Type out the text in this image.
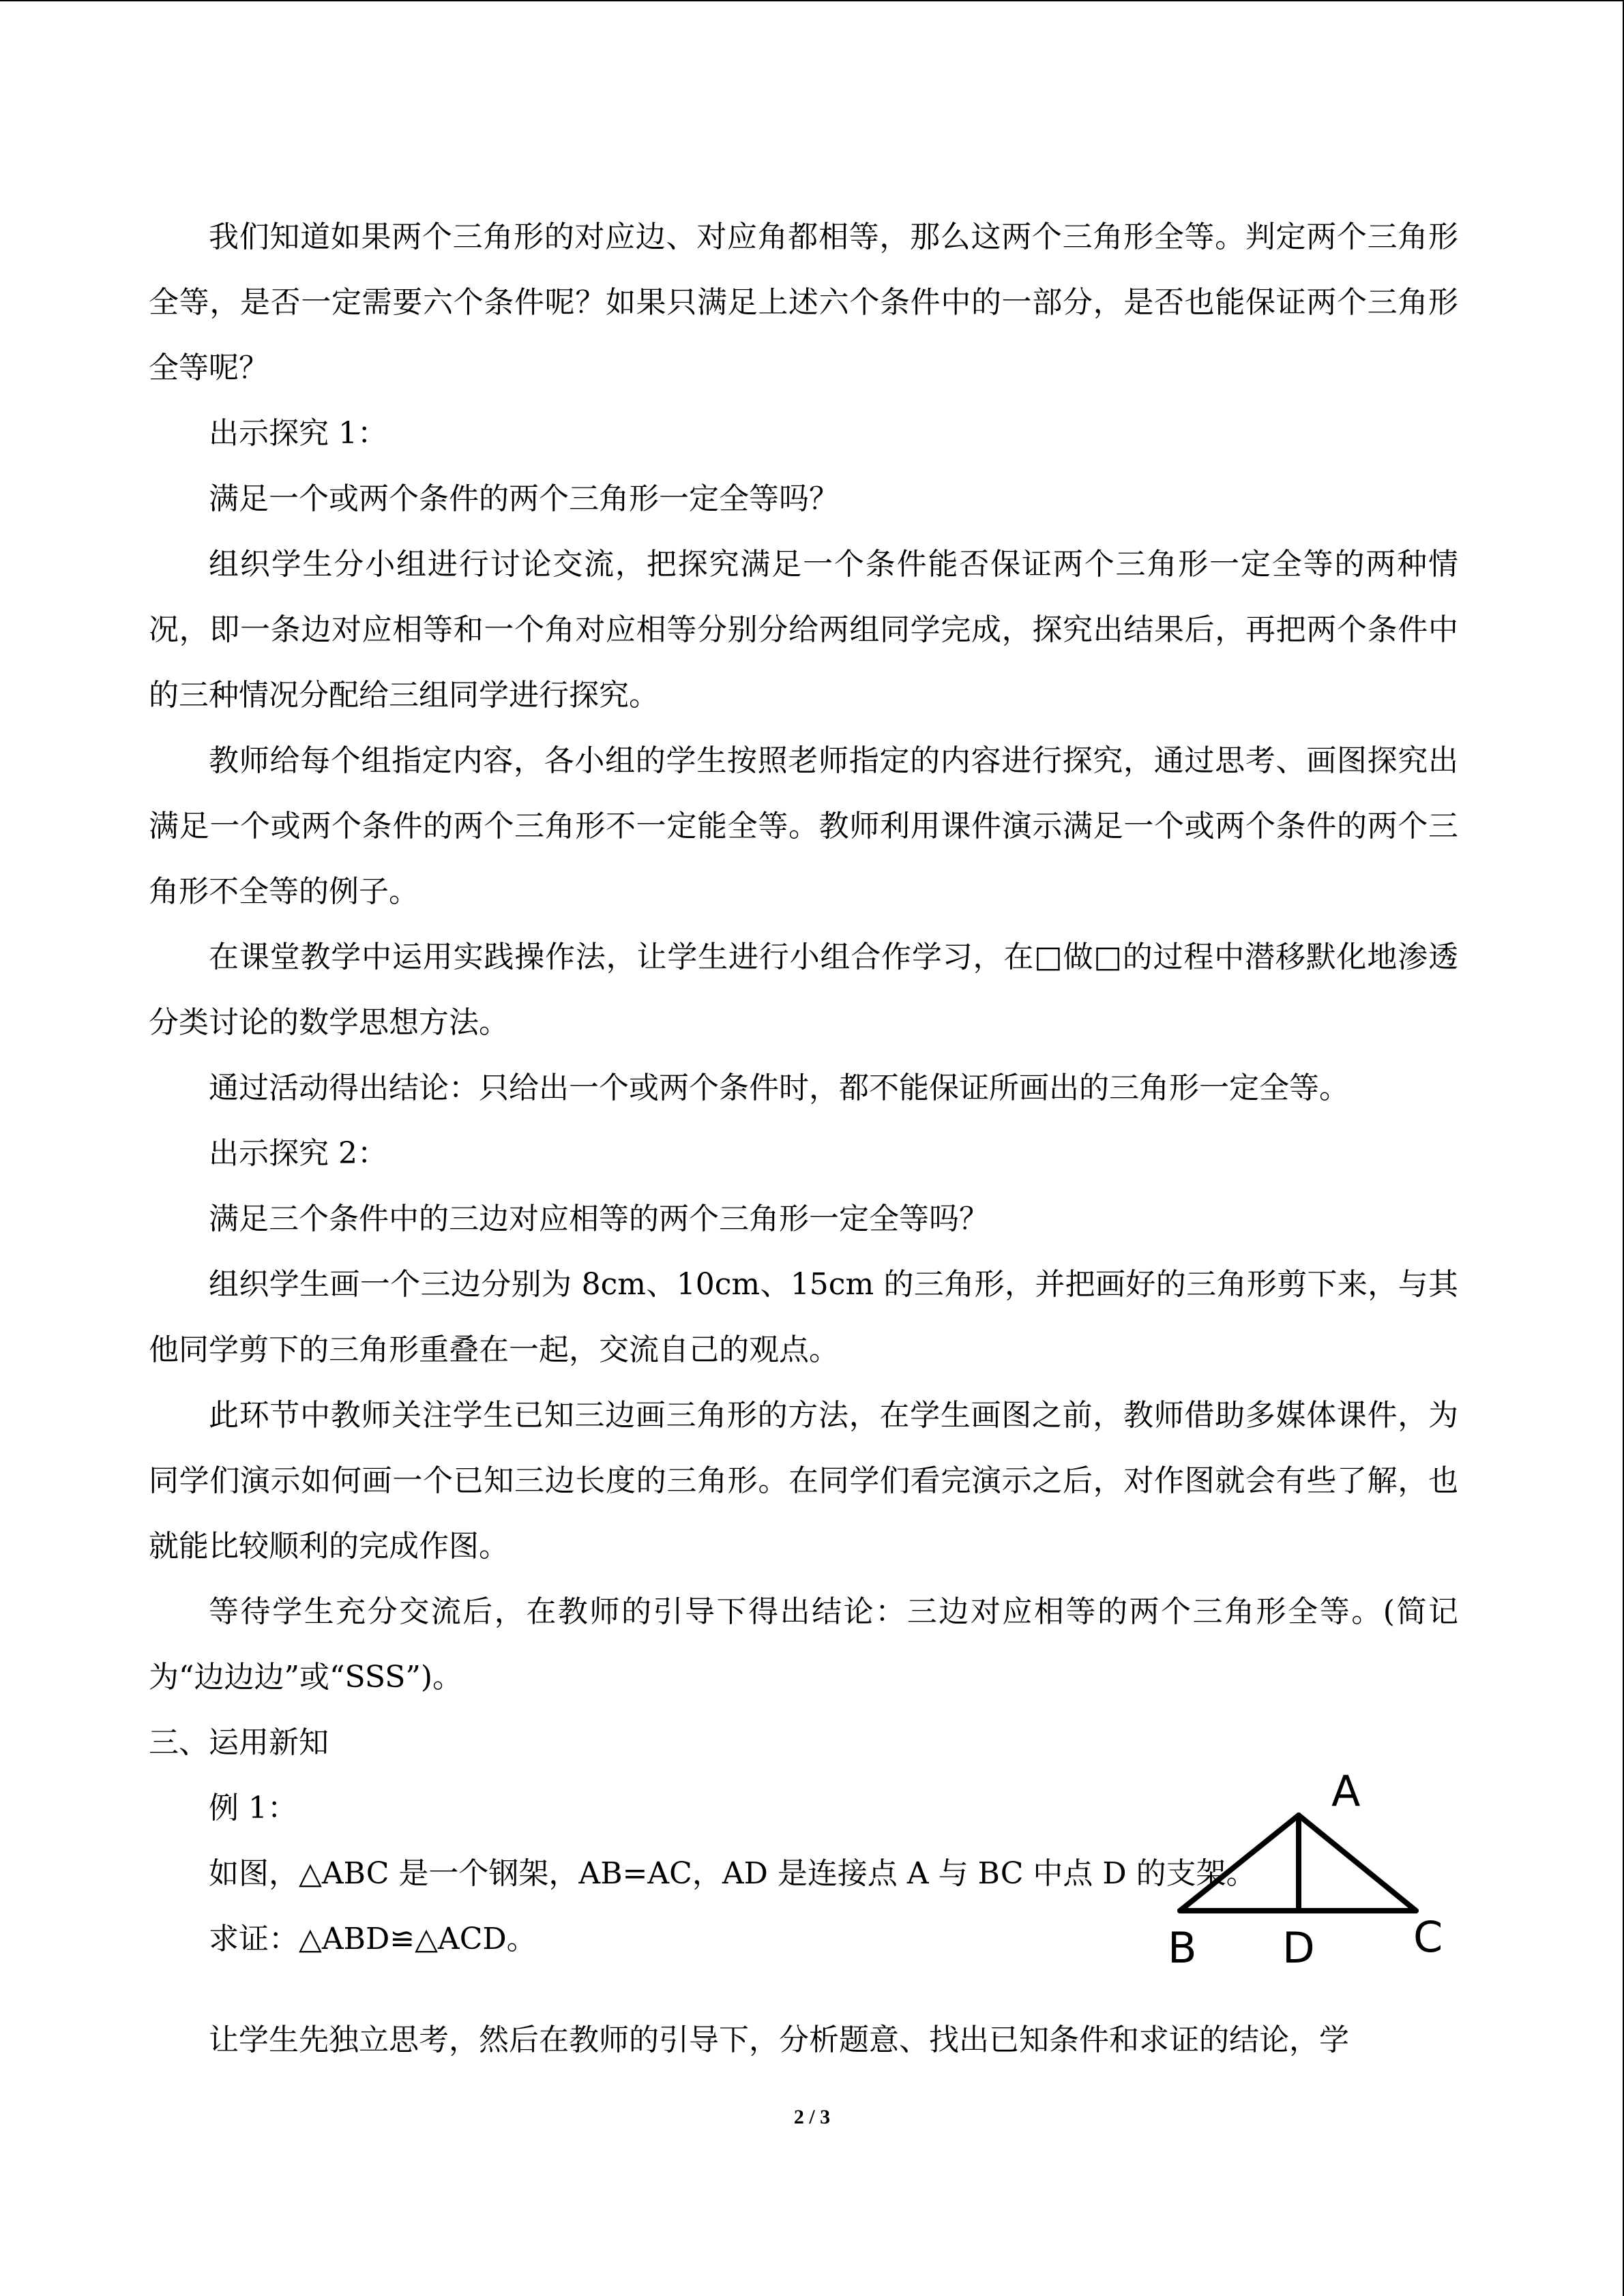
我们知道如果两个三角形的对应边、对应角都相等，那么这两个三角形全等。判定两个三角形全等，是否一定需要六个条件呢？如果只满足上述六个条件中的一部分，是否也能保证两个三角形全等呢？

出示探究 1：

满足一个或两个条件的两个三角形一定全等吗？

组织学生分小组进行讨论交流，把探究满足一个条件能否保证两个三角形一定全等的两种情况，即一条边对应相等和一个角对应相等分别分给两组同学完成，探究出结果后，再把两个条件中的三种情况分配给三组同学进行探究。

教师给每个组指定内容，各小组的学生按照老师指定的内容进行探究，通过思考、画图探究出满足一个或两个条件的两个三角形不一定能全等。教师利用课件演示满足一个或两个条件的两个三角形不全等的例子。

在课堂教学中运用实践操作法，让学生进行小组合作学习，在□做□的过程中潜移默化地渗透分类讨论的数学思想方法。

通过活动得出结论：只给出一个或两个条件时，都不能保证所画出的三角形一定全等。

出示探究 2：

满足三个条件中的三边对应相等的两个三角形一定全等吗？

组织学生画一个三边分别为 8cm、10cm、15cm 的三角形，并把画好的三角形剪下来，与其他同学剪下的三角形重叠在一起，交流自己的观点。

此环节中教师关注学生已知三边画三角形的方法，在学生画图之前，教师借助多媒体课件，为同学们演示如何画一个已知三边长度的三角形。在同学们看完演示之后，对作图就会有些了解，也就能比较顺利的完成作图。

等待学生充分交流后，在教师的引导下得出结论：三边对应相等的两个三角形全等。(简记为“边边边”或“SSS”)。

三、运用新知

例 1：

如图，△ABC 是一个钢架，AB=AC，AD 是连接点 A 与 BC 中点 D 的支架。

求证：△ABD≌△ACD。

A
B D C

让学生先独立思考，然后在教师的引导下，分析题意、找出已知条件和求证的结论，学

2 / 3
